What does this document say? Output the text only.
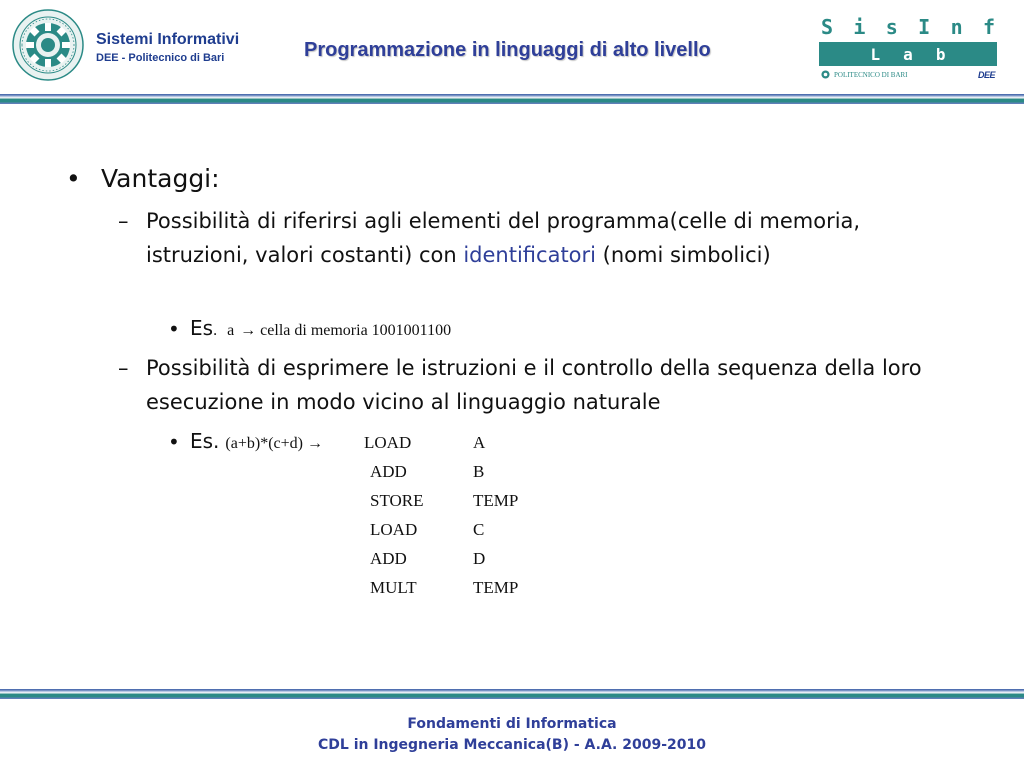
Sistemi Informativi
DEE - Politecnico di Bari	Programmazione in linguaggi di alto livello
S i s I n f
L a b
POLITECNICO DI BARI	DEE
• Vantaggi:
– Possibilità di riferirsi agli elementi del programma(celle di memoria, istruzioni, valori costanti) con identificatori (nomi simbolici)
• Es. a → cella di memoria 1001001100
– Possibilità di esprimere le istruzioni e il controllo della sequenza della loro esecuzione in modo vicino al linguaggio naturale
• Es. (a+b)*(c+d) → LOAD	A
ADD	B
STORE	TEMP
LOAD	C
ADD	D
MULT	TEMP
Fondamenti di Informatica
CDL in Ingegneria Meccanica(B) - A.A. 2009-2010
